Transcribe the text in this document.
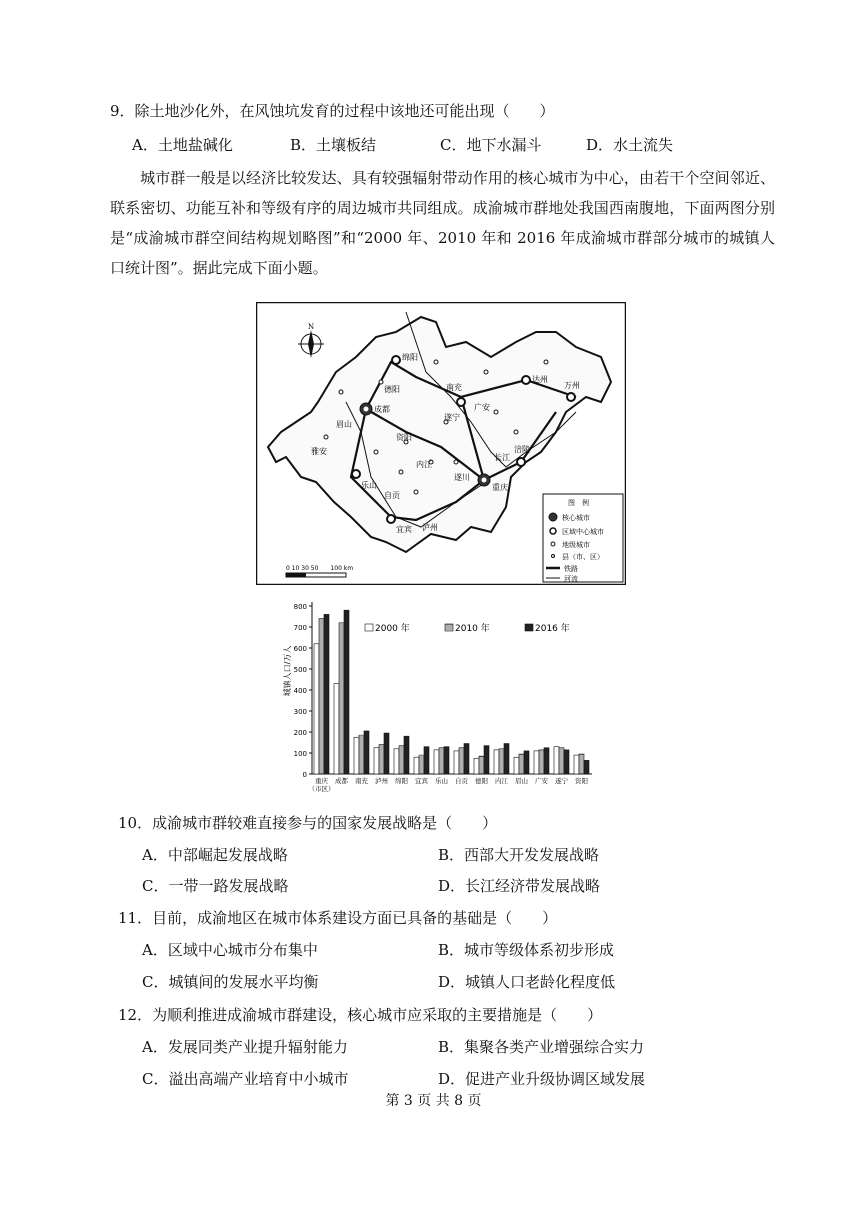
9．除土地沙化外，在风蚀坑发育的过程中该地还可能出现（　　）
A．土地盐碱化	B．土壤板结	C．地下水漏斗	D．水土流失
城市群一般是以经济比较发达、具有较强辐射带动作用的核心城市为中心，由若干个空间邻近、联系密切、功能互补和等级有序的周边城市共同组成。成渝城市群地处我国西南腹地，下面两图分别是“成渝城市群空间结构规划略图”和“2000 年、2010 年和 2016 年成渝城市群部分城市的城镇人口统计图”。据此完成下面小题。
N
绵阳
德阳	南充
达州
万州
成都
遂宁
广安
眉山
资阳
雅安
乐山
内江
遂川
涪陵
重庆
自贡
宜宾 泸州
长江
图　例
核心城市
区域中心城市
地级城市
县（市、区）
铁路
河流
0 10 30 50　　100 km
0
100
200
300
400
500
600
700
800
重庆
（市区）
成都 南充 泸州 绵阳 宜宾 乐山 自贡 德阳 内江 眉山 广安 遂宁 资阳
城镇人口/万人
2000 年	2010 年	2016 年
10．成渝城市群较难直接参与的国家发展战略是（　　）
A．中部崛起发展战略	B．西部大开发发展战略
C．一带一路发展战略	D．长江经济带发展战略
11．目前，成渝地区在城市体系建设方面已具备的基础是（　　）
A．区域中心城市分布集中	B．城市等级体系初步形成
C．城镇间的发展水平均衡	D．城镇人口老龄化程度低
12．为顺利推进成渝城市群建设，核心城市应采取的主要措施是（　　）
A．发展同类产业提升辐射能力	B．集聚各类产业增强综合实力
C．溢出高端产业培育中小城市	D．促进产业升级协调区域发展
第 3 页 共 8 页
